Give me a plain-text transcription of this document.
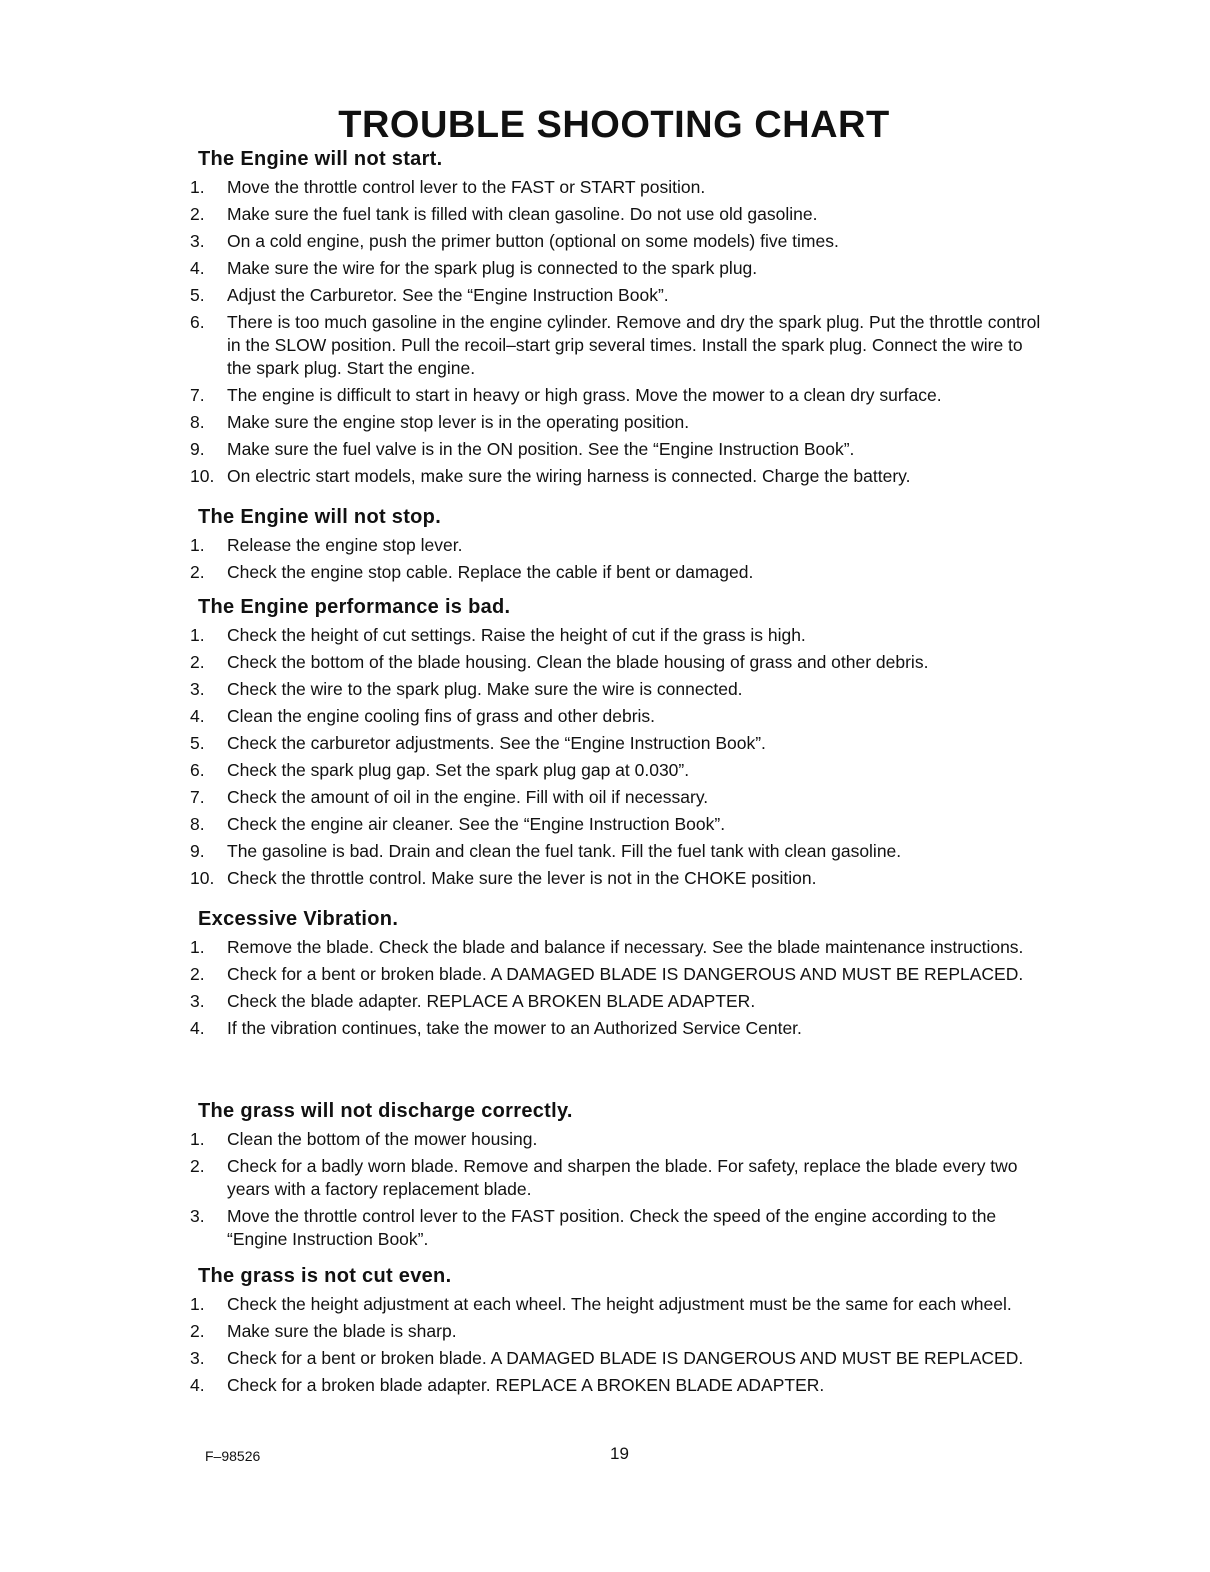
TROUBLE SHOOTING CHART
The Engine will not start.
1. Move the throttle control lever to the FAST or START position.
2. Make sure the fuel tank is filled with clean gasoline. Do not use old gasoline.
3. On a cold engine, push the primer button (optional on some models) five times.
4. Make sure the wire for the spark plug is connected to the spark plug.
5. Adjust the Carburetor. See the “Engine Instruction Book”.
6. There is too much gasoline in the engine cylinder. Remove and dry the spark plug. Put the throttle control in the SLOW position. Pull the recoil–start grip several times. Install the spark plug. Connect the wire to the spark plug. Start the engine.
7. The engine is difficult to start in heavy or high grass. Move the mower to a clean dry surface.
8. Make sure the engine stop lever is in the operating position.
9. Make sure the fuel valve is in the ON position. See the “Engine Instruction Book”.
10. On electric start models, make sure the wiring harness is connected. Charge the battery.
The Engine will not stop.
1. Release the engine stop lever.
2. Check the engine stop cable. Replace the cable if bent or damaged.
The Engine performance is bad.
1. Check the height of cut settings. Raise the height of cut if the grass is high.
2. Check the bottom of the blade housing. Clean the blade housing of grass and other debris.
3. Check the wire to the spark plug. Make sure the wire is connected.
4. Clean the engine cooling fins of grass and other debris.
5. Check the carburetor adjustments. See the “Engine Instruction Book”.
6. Check the spark plug gap. Set the spark plug gap at 0.030”.
7. Check the amount of oil in the engine. Fill with oil if necessary.
8. Check the engine air cleaner. See the “Engine Instruction Book”.
9. The gasoline is bad. Drain and clean the fuel tank. Fill the fuel tank with clean gasoline.
10. Check the throttle control. Make sure the lever is not in the CHOKE position.
Excessive Vibration.
1. Remove the blade. Check the blade and balance if necessary. See the blade maintenance instructions.
2. Check for a bent or broken blade. A DAMAGED BLADE IS DANGEROUS AND MUST BE REPLACED.
3. Check the blade adapter. REPLACE A BROKEN BLADE ADAPTER.
4. If the vibration continues, take the mower to an Authorized Service Center.
The grass will not discharge correctly.
1. Clean the bottom of the mower housing.
2. Check for a badly worn blade. Remove and sharpen the blade. For safety, replace the blade every two years with a factory replacement blade.
3. Move the throttle control lever to the FAST position. Check the speed of the engine according to the “Engine Instruction Book”.
The grass is not cut even.
1. Check the height adjustment at each wheel. The height adjustment must be the same for each wheel.
2. Make sure the blade is sharp.
3. Check for a bent or broken blade. A DAMAGED BLADE IS DANGEROUS AND MUST BE REPLACED.
4. Check for a broken blade adapter. REPLACE A BROKEN BLADE ADAPTER.
F–98526	19
